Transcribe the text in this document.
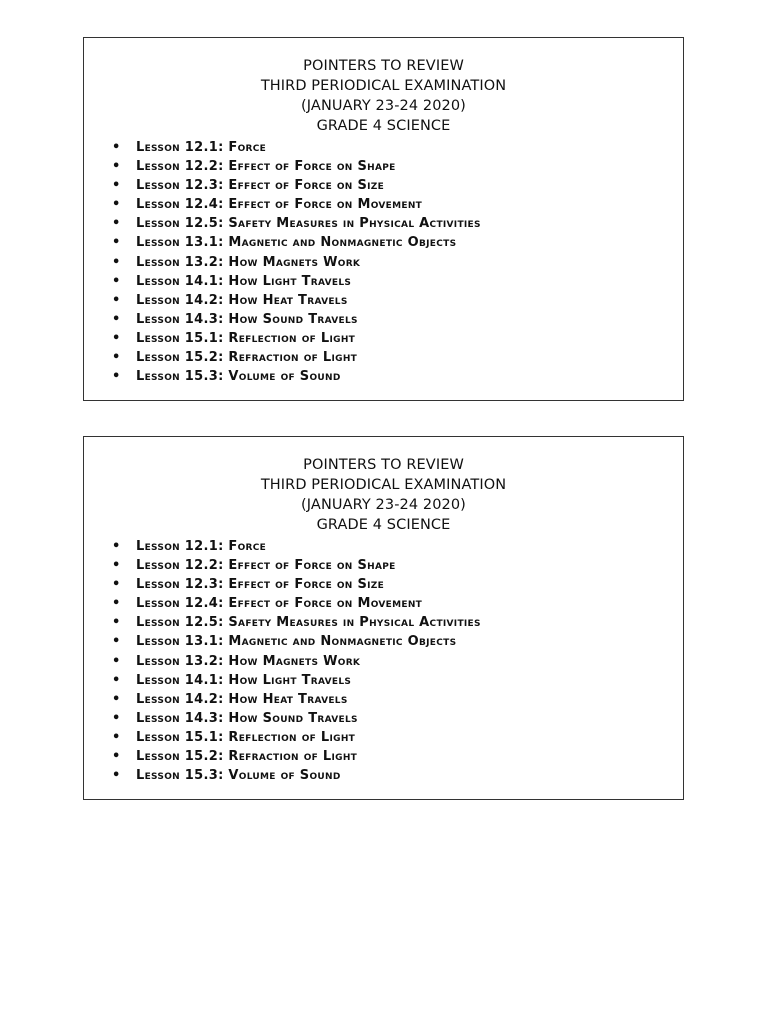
POINTERS TO REVIEW
THIRD PERIODICAL EXAMINATION
(JANUARY 23-24 2020)
GRADE 4 SCIENCE
• Lesson 12.1: Force
• Lesson 12.2: Effect of Force on Shape
• Lesson 12.3: Effect of Force on Size
• Lesson 12.4: Effect of Force on Movement
• Lesson 12.5: Safety Measures in Physical Activities
• Lesson 13.1: Magnetic and Nonmagnetic Objects
• Lesson 13.2: How Magnets Work
• Lesson 14.1: How Light Travels
• Lesson 14.2: How Heat Travels
• Lesson 14.3: How Sound Travels
• Lesson 15.1: Reflection of Light
• Lesson 15.2: Refraction of Light
• Lesson 15.3: Volume of Sound
POINTERS TO REVIEW
THIRD PERIODICAL EXAMINATION
(JANUARY 23-24 2020)
GRADE 4 SCIENCE
• Lesson 12.1: Force
• Lesson 12.2: Effect of Force on Shape
• Lesson 12.3: Effect of Force on Size
• Lesson 12.4: Effect of Force on Movement
• Lesson 12.5: Safety Measures in Physical Activities
• Lesson 13.1: Magnetic and Nonmagnetic Objects
• Lesson 13.2: How Magnets Work
• Lesson 14.1: How Light Travels
• Lesson 14.2: How Heat Travels
• Lesson 14.3: How Sound Travels
• Lesson 15.1: Reflection of Light
• Lesson 15.2: Refraction of Light
• Lesson 15.3: Volume of Sound
